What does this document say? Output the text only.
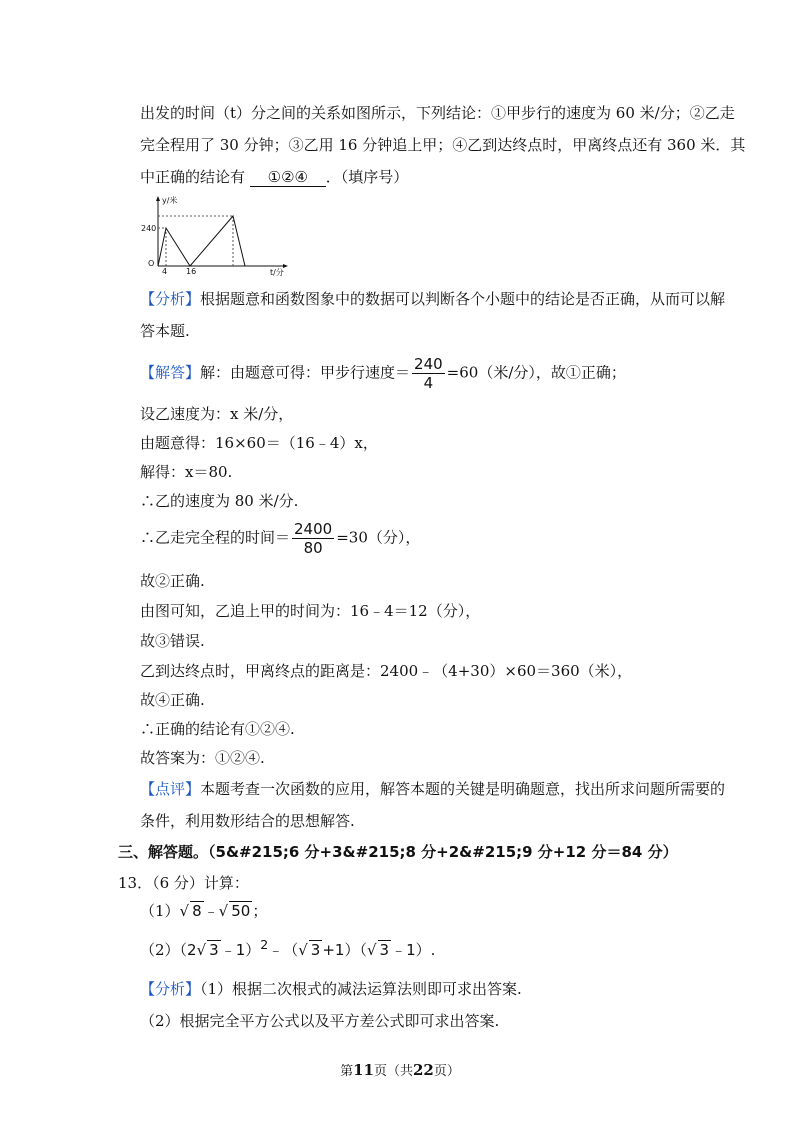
出发的时间（t）分之间的关系如图所示，下列结论：①甲步行的速度为 60 米/分；②乙走
完全程用了 30 分钟；③乙用 16 分钟追上甲；④乙到达终点时，甲离终点还有 360 米．其
中正确的结论有 ①②④ ．（填序号）
y/米
t/分
240
O
4 16
【分析】根据题意和函数图象中的数据可以判断各个小题中的结论是否正确，从而可以解
答本题.
【解答】解：由题意可得：甲步行速度＝ $\frac{240}{4} =60$（米/分），故①正确；
设乙速度为：x 米/分，
由题意得：16×60＝（16﹣4）x，
解得：x＝80.
∴乙的速度为 80 米/分.
∴乙走完全程的时间＝ $\frac{2400}{80} =30$（分），
故②正确.
由图可知，乙追上甲的时间为：16﹣4＝12（分），
故③错误.
乙到达终点时，甲离终点的距离是：2400﹣（4+30）×60＝360（米），
故④正确.
∴正确的结论有①②④.
故答案为：①②④.
【点评】本题考查一次函数的应用，解答本题的关键是明确题意，找出所求问题所需要的
条件，利用数形结合的思想解答.
三、解答题。（5&#215;6 分+3&#215;8 分+2&#215;9 分+12 分＝84 分）
13．（6 分）计算：
（1）√ 8 ﹣√ 50 ；
（2）（2√ 3 ﹣1）$^2$﹣（√ 3 +1）（√ 3 ﹣1）.
【分析】（1）根据二次根式的减法运算法则即可求出答案.
（2）根据完全平方公式以及平方差公式即可求出答案.
第11页（共22页）
